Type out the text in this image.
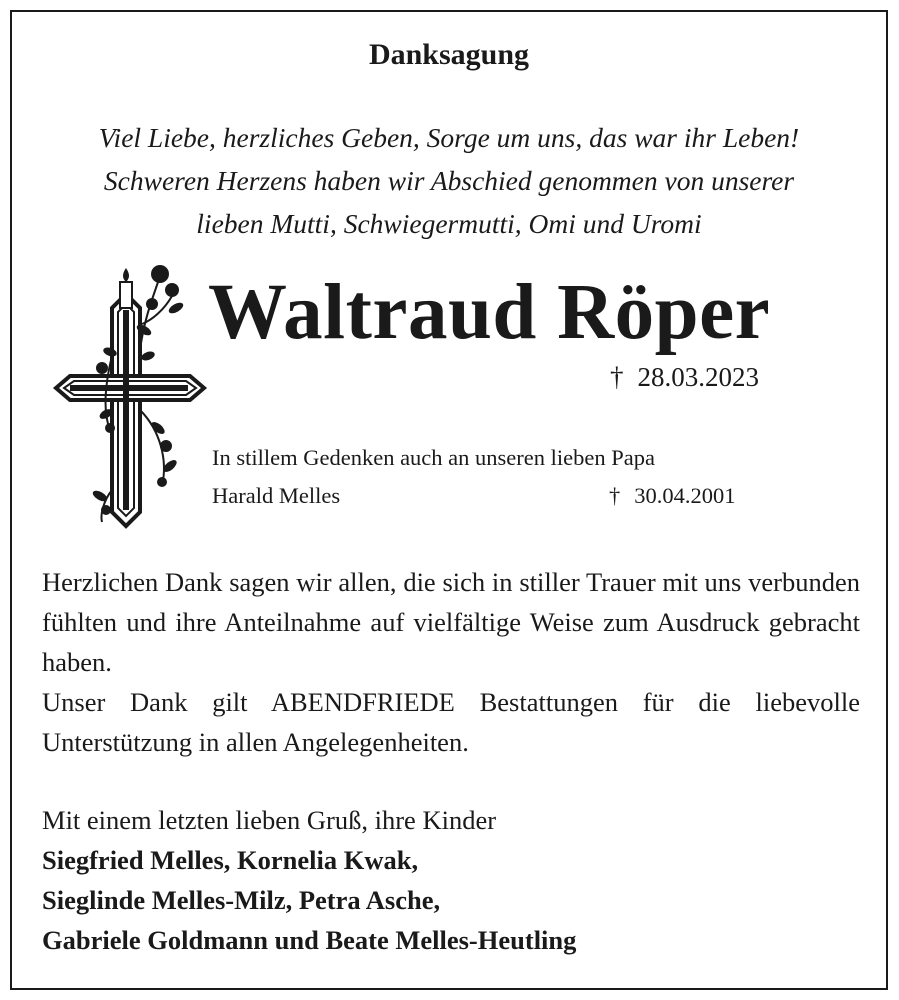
Danksagung
Viel Liebe, herzliches Geben, Sorge um uns, das war ihr Leben!
Schweren Herzens haben wir Abschied genommen von unserer
lieben Mutti, Schwiegermutti, Omi und Uromi
Waltraud Röper
† 28.03.2023
In stillem Gedenken auch an unseren lieben Papa
Harald Melles	† 30.04.2001

Herzlichen Dank sagen wir allen, die sich in stiller Trauer mit uns verbunden fühlten und ihre Anteilnahme auf vielfältige Weise zum Ausdruck gebracht haben.

Unser Dank gilt ABENDFRIEDE Bestattungen für die liebevolle Unterstützung in allen Angelegenheiten.

Mit einem letzten lieben Gruß, ihre Kinder
Siegfried Melles, Kornelia Kwak,
Sieglinde Melles-Milz, Petra Asche,
Gabriele Goldmann und Beate Melles-Heutling
